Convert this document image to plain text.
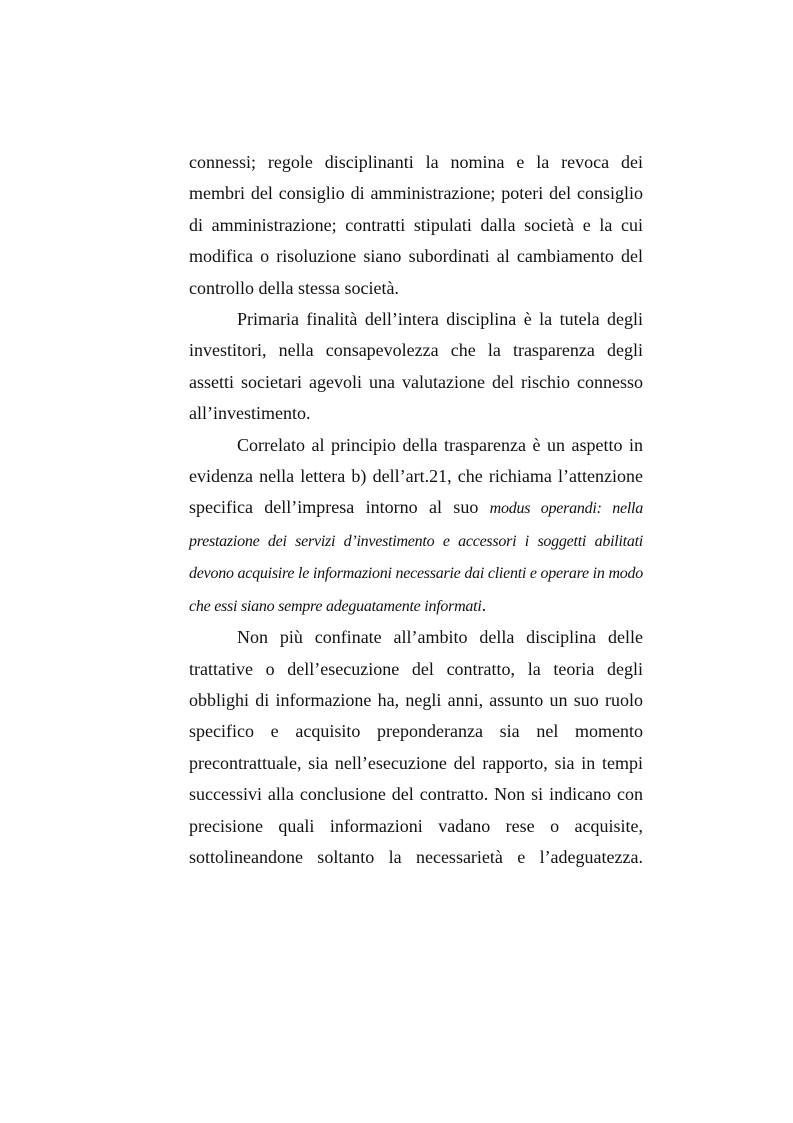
connessi; regole disciplinanti la nomina e la revoca dei membri del consiglio di amministrazione; poteri del consiglio di amministrazione; contratti stipulati dalla società e la cui modifica o risoluzione siano subordinati al cambiamento del controllo della stessa società.

Primaria finalità dell’intera disciplina è la tutela degli investitori, nella consapevolezza che la trasparenza degli assetti societari agevoli una valutazione del rischio connesso all’investimento.

Correlato al principio della trasparenza è un aspetto in evidenza nella lettera b) dell’art.21, che richiama l’attenzione specifica dell’impresa intorno al suo modus operandi: nella prestazione dei servizi d’investimento e accessori i soggetti abilitati devono acquisire le informazioni necessarie dai clienti e operare in modo che essi siano sempre adeguatamente informati.

Non più confinate all’ambito della disciplina delle trattative o dell’esecuzione del contratto, la teoria degli obblighi di informazione ha, negli anni, assunto un suo ruolo specifico e acquisito preponderanza sia nel momento precontrattuale, sia nell’esecuzione del rapporto, sia in tempi successivi alla conclusione del contratto. Non si indicano con precisione quali informazioni vadano rese o acquisite, sottolineandone soltanto la necessarietà e l’adeguatezza.
